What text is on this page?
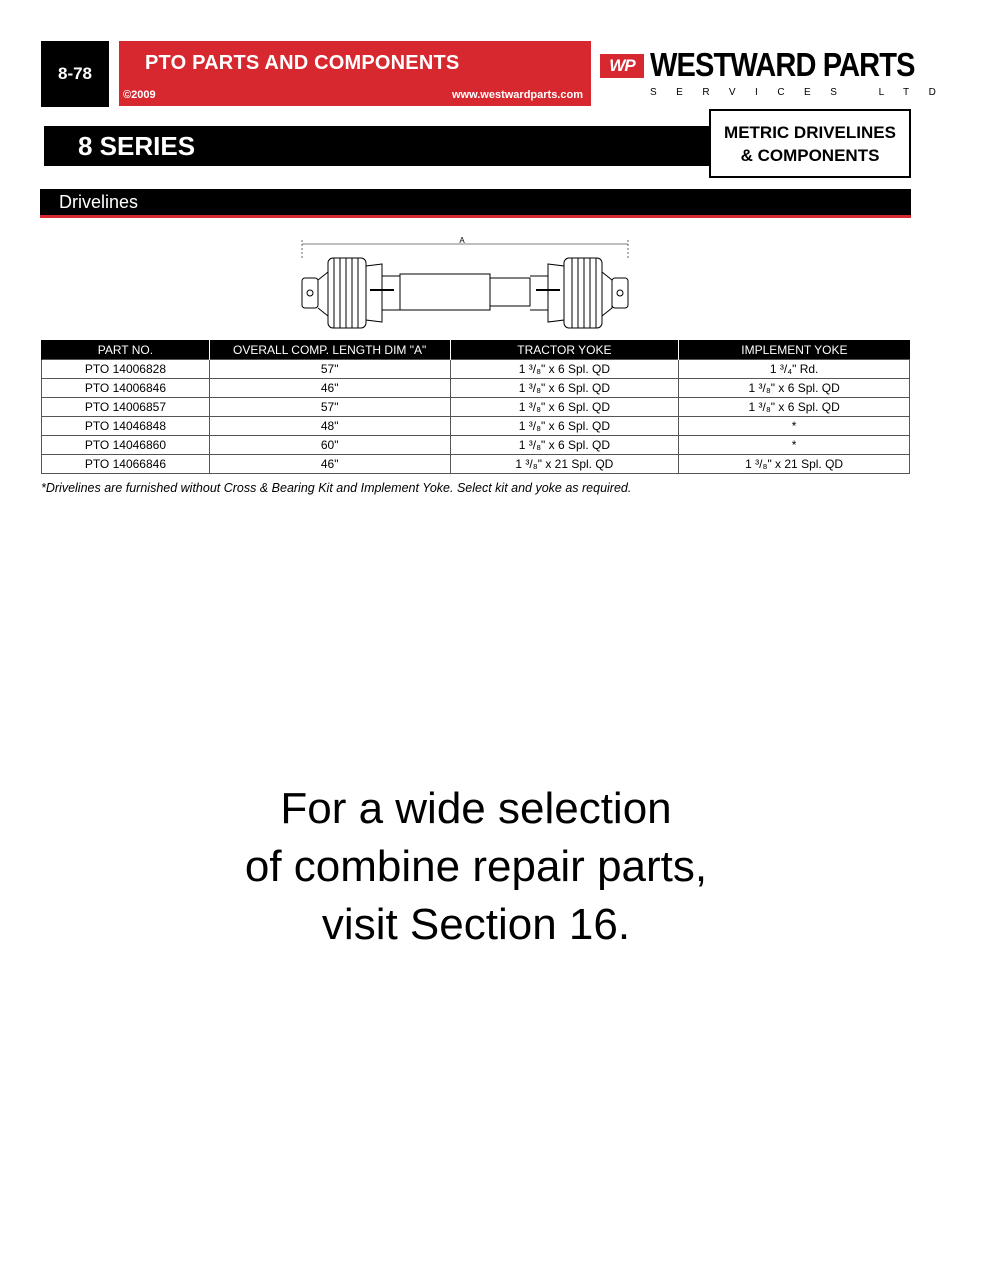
8-78	PTO PARTS AND COMPONENTS
©2009	www.westwardparts.com
WP WESTWARD PARTS
SERVICES LTD
8 SERIES	METRIC DRIVELINES
& COMPONENTS
Drivelines
A
PART NO.	OVERALL COMP. LENGTH DIM "A"	TRACTOR YOKE	IMPLEMENT YOKE
PTO 14006828	57"	1 ³/₈" x 6 Spl. QD	1 ³/₄" Rd.
PTO 14006846	46"	1 ³/₈" x 6 Spl. QD	1 ³/₈" x 6 Spl. QD
PTO 14006857	57"	1 ³/₈" x 6 Spl. QD	1 ³/₈" x 6 Spl. QD
PTO 14046848	48"	1 ³/₈" x 6 Spl. QD	*
PTO 14046860	60"	1 ³/₈" x 6 Spl. QD	*
PTO 14066846	46"	1 ³/₈" x 21 Spl. QD	1 ³/₈" x 21 Spl. QD
*Drivelines are furnished without Cross & Bearing Kit and Implement Yoke. Select kit and yoke as required.
For a wide selection
of combine repair parts,
visit Section 16.
